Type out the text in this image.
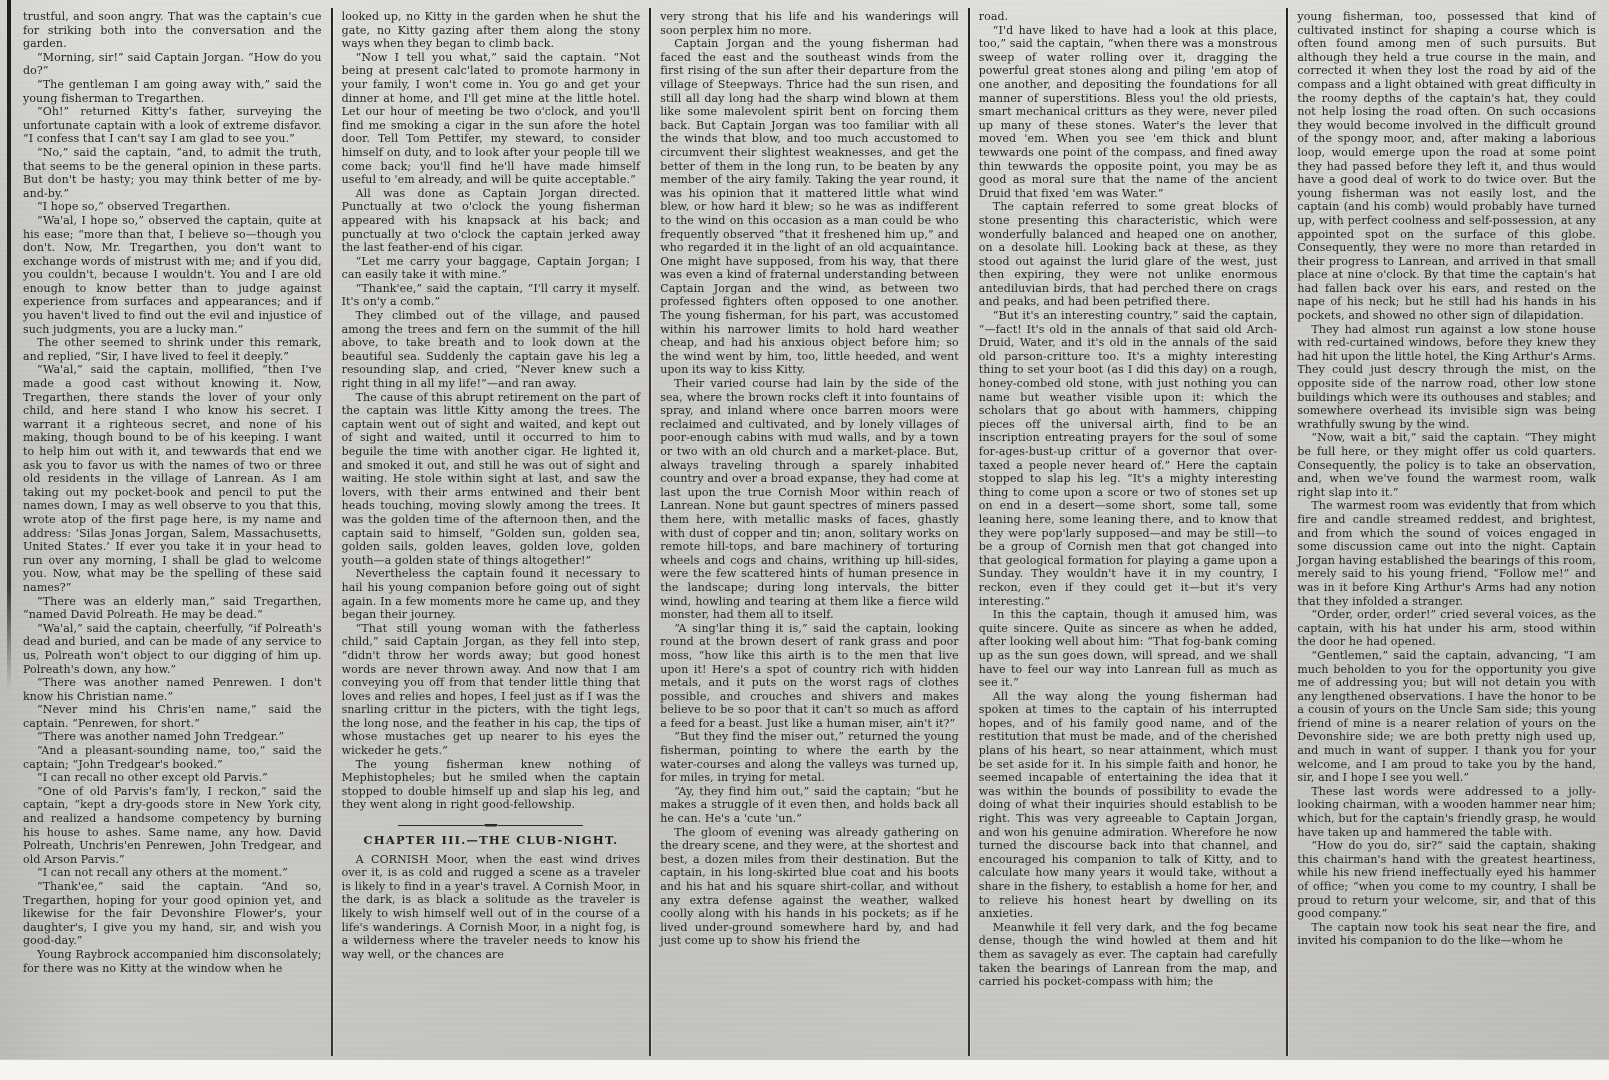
trustful, and soon angry. That was the captain's cue for striking both into the conversation and the garden.

“Morning, sir!” said Captain Jorgan. “How do you do?”

“The gentleman I am going away with,” said the young fisherman to Tregarthen.

“Oh!” returned Kitty's father, surveying the unfortunate captain with a look of extreme disfavor. “I confess that I can't say I am glad to see you.”

“No,” said the captain, “and, to admit the truth, that seems to be the general opinion in these parts. But don't be hasty; you may think better of me by-and-by.”

“I hope so,” observed Tregarthen.

“Wa'al, I hope so,” observed the captain, quite at his ease; “more than that, I believe so—though you don't. Now, Mr. Tregarthen, you don't want to exchange words of mistrust with me; and if you did, you couldn't, because I wouldn't. You and I are old enough to know better than to judge against experience from surfaces and appearances; and if you haven't lived to find out the evil and injustice of such judgments, you are a lucky man.”

The other seemed to shrink under this remark, and replied, “Sir, I have lived to feel it deeply.”

“Wa'al,” said the captain, mollified, “then I've made a good cast without knowing it. Now, Tregarthen, there stands the lover of your only child, and here stand I who know his secret. I warrant it a righteous secret, and none of his making, though bound to be of his keeping. I want to help him out with it, and tewwards that end we ask you to favor us with the names of two or three old residents in the village of Lanrean. As I am taking out my pocket-book and pencil to put the names down, I may as well observe to you that this, wrote atop of the first page here, is my name and address: ‘Silas Jonas Jorgan, Salem, Massachusetts, United States.’ If ever you take it in your head to run over any morning, I shall be glad to welcome you. Now, what may be the spelling of these said names?”

“There was an elderly man,” said Tregarthen, “named David Polreath. He may be dead.”

“Wa'al,” said the captain, cheerfully, “if Polreath's dead and buried, and can be made of any service to us, Polreath won't object to our digging of him up. Polreath's down, any how.”

“There was another named Penrewen. I don't know his Christian name.”

“Never mind his Chris'en name,” said the captain. “Penrewen, for short.”

“There was another named John Tredgear.”

“And a pleasant-sounding name, too,” said the captain; “John Tredgear's booked.”

“I can recall no other except old Parvis.”

“One of old Parvis's fam'ly, I reckon,” said the captain, “kept a dry-goods store in New York city, and realized a handsome competency by burning his house to ashes. Same name, any how. David Polreath, Unchris'en Penrewen, John Tredgear, and old Arson Parvis.”

“I can not recall any others at the moment.”

“Thank'ee,” said the captain. “And so, Tregarthen, hoping for your good opinion yet, and likewise for the fair Devonshire Flower's, your daughter's, I give you my hand, sir, and wish you good-day.”

Young Raybrock accompanied him disconsolately; for there was no Kitty at the window when he

looked up, no Kitty in the garden when he shut the gate, no Kitty gazing after them along the stony ways when they began to climb back.

“Now I tell you what,” said the captain. “Not being at present calc'lated to promote harmony in your family, I won't come in. You go and get your dinner at home, and I'll get mine at the little hotel. Let our hour of meeting be two o'clock, and you'll find me smoking a cigar in the sun afore the hotel door. Tell Tom Pettifer, my steward, to consider himself on duty, and to look after your people till we come back; you'll find he'll have made himself useful to 'em already, and will be quite acceptable.”

All was done as Captain Jorgan directed. Punctually at two o'clock the young fisherman appeared with his knapsack at his back; and punctually at two o'clock the captain jerked away the last feather-end of his cigar.

“Let me carry your baggage, Captain Jorgan; I can easily take it with mine.”

“Thank'ee,” said the captain, “I'll carry it myself. It's on'y a comb.”

They climbed out of the village, and paused among the trees and fern on the summit of the hill above, to take breath and to look down at the beautiful sea. Suddenly the captain gave his leg a resounding slap, and cried, “Never knew such a right thing in all my life!”—and ran away.

The cause of this abrupt retirement on the part of the captain was little Kitty among the trees. The captain went out of sight and waited, and kept out of sight and waited, until it occurred to him to beguile the time with another cigar. He lighted it, and smoked it out, and still he was out of sight and waiting. He stole within sight at last, and saw the lovers, with their arms entwined and their bent heads touching, moving slowly among the trees. It was the golden time of the afternoon then, and the captain said to himself, “Golden sun, golden sea, golden sails, golden leaves, golden love, golden youth—a golden state of things altogether!”

Nevertheless the captain found it necessary to hail his young companion before going out of sight again. In a few moments more he came up, and they began their journey.

“That still young woman with the fatherless child,” said Captain Jorgan, as they fell into step, “didn't throw her words away; but good honest words are never thrown away. And now that I am conveying you off from that tender little thing that loves and relies and hopes, I feel just as if I was the snarling crittur in the picters, with the tight legs, the long nose, and the feather in his cap, the tips of whose mustaches get up nearer to his eyes the wickeder he gets.”

The young fisherman knew nothing of Mephistopheles; but he smiled when the captain stopped to double himself up and slap his leg, and they went along in right good-fellowship.

CHAPTER III.—THE CLUB-NIGHT.

A CORNISH Moor, when the east wind drives over it, is as cold and rugged a scene as a traveler is likely to find in a year's travel. A Cornish Moor, in the dark, is as black a solitude as the traveler is likely to wish himself well out of in the course of a life's wanderings. A Cornish Moor, in a night fog, is a wilderness where the traveler needs to know his way well, or the chances are

very strong that his life and his wanderings will soon perplex him no more.

Captain Jorgan and the young fisherman had faced the east and the southeast winds from the first rising of the sun after their departure from the village of Steepways. Thrice had the sun risen, and still all day long had the sharp wind blown at them like some malevolent spirit bent on forcing them back. But Captain Jorgan was too familiar with all the winds that blow, and too much accustomed to circumvent their slightest weaknesses, and get the better of them in the long run, to be beaten by any member of the airy family. Taking the year round, it was his opinion that it mattered little what wind blew, or how hard it blew; so he was as indifferent to the wind on this occasion as a man could be who frequently observed “that it freshened him up,” and who regarded it in the light of an old acquaintance. One might have supposed, from his way, that there was even a kind of fraternal understanding between Captain Jorgan and the wind, as between two professed fighters often opposed to one another. The young fisherman, for his part, was accustomed within his narrower limits to hold hard weather cheap, and had his anxious object before him; so the wind went by him, too, little heeded, and went upon its way to kiss Kitty.

Their varied course had lain by the side of the sea, where the brown rocks cleft it into fountains of spray, and inland where once barren moors were reclaimed and cultivated, and by lonely villages of poor-enough cabins with mud walls, and by a town or two with an old church and a market-place. But, always traveling through a sparely inhabited country and over a broad expanse, they had come at last upon the true Cornish Moor within reach of Lanrean. None but gaunt spectres of miners passed them here, with metallic masks of faces, ghastly with dust of copper and tin; anon, solitary works on remote hill-tops, and bare machinery of torturing wheels and cogs and chains, writhing up hill-sides, were the few scattered hints of human presence in the landscape; during long intervals, the bitter wind, howling and tearing at them like a fierce wild monster, had them all to itself.

“A sing'lar thing it is,” said the captain, looking round at the brown desert of rank grass and poor moss, “how like this airth is to the men that live upon it! Here's a spot of country rich with hidden metals, and it puts on the worst rags of clothes possible, and crouches and shivers and makes believe to be so poor that it can't so much as afford a feed for a beast. Just like a human miser, ain't it?”

“But they find the miser out,” returned the young fisherman, pointing to where the earth by the water-courses and along the valleys was turned up, for miles, in trying for metal.

“Ay, they find him out,” said the captain; “but he makes a struggle of it even then, and holds back all he can. He's a 'cute 'un.”

The gloom of evening was already gathering on the dreary scene, and they were, at the shortest and best, a dozen miles from their destination. But the captain, in his long-skirted blue coat and his boots and his hat and his square shirt-collar, and without any extra defense against the weather, walked coolly along with his hands in his pockets; as if he lived under-ground somewhere hard by, and had just come up to show his friend the

road.

“I'd have liked to have had a look at this place, too,” said the captain, “when there was a monstrous sweep of water rolling over it, dragging the powerful great stones along and piling 'em atop of one another, and depositing the foundations for all manner of superstitions. Bless you! the old priests, smart mechanical critturs as they were, never piled up many of these stones. Water's the lever that moved 'em. When you see 'em thick and blunt tewwards one point of the compass, and fined away thin tewwards the opposite point, you may be as good as moral sure that the name of the ancient Druid that fixed 'em was Water.”

The captain referred to some great blocks of stone presenting this characteristic, which were wonderfully balanced and heaped one on another, on a desolate hill. Looking back at these, as they stood out against the lurid glare of the west, just then expiring, they were not unlike enormous antediluvian birds, that had perched there on crags and peaks, and had been petrified there.

“But it's an interesting country,” said the captain, “—fact! It's old in the annals of that said old Arch-Druid, Water, and it's old in the annals of the said old parson-critture too. It's a mighty interesting thing to set your boot (as I did this day) on a rough, honey-combed old stone, with just nothing you can name but weather visible upon it: which the scholars that go about with hammers, chipping pieces off the universal airth, find to be an inscription entreating prayers for the soul of some for-ages-bust-up crittur of a governor that over-taxed a people never heard of.” Here the captain stopped to slap his leg. “It's a mighty interesting thing to come upon a score or two of stones set up on end in a desert—some short, some tall, some leaning here, some leaning there, and to know that they were pop'larly supposed—and may be still—to be a group of Cornish men that got changed into that geological formation for playing a game upon a Sunday. They wouldn't have it in my country, I reckon, even if they could get it—but it's very interesting.”

In this the captain, though it amused him, was quite sincere. Quite as sincere as when he added, after looking well about him: “That fog-bank coming up as the sun goes down, will spread, and we shall have to feel our way into Lanrean full as much as see it.”

All the way along the young fisherman had spoken at times to the captain of his interrupted hopes, and of his family good name, and of the restitution that must be made, and of the cherished plans of his heart, so near attainment, which must be set aside for it. In his simple faith and honor, he seemed incapable of entertaining the idea that it was within the bounds of possibility to evade the doing of what their inquiries should establish to be right. This was very agreeable to Captain Jorgan, and won his genuine admiration. Wherefore he now turned the discourse back into that channel, and encouraged his companion to talk of Kitty, and to calculate how many years it would take, without a share in the fishery, to establish a home for her, and to relieve his honest heart by dwelling on its anxieties.

Meanwhile it fell very dark, and the fog became dense, though the wind howled at them and hit them as savagely as ever. The captain had carefully taken the bearings of Lanrean from the map, and carried his pocket-compass with him; the

young fisherman, too, possessed that kind of cultivated instinct for shaping a course which is often found among men of such pursuits. But although they held a true course in the main, and corrected it when they lost the road by aid of the compass and a light obtained with great difficulty in the roomy depths of the captain's hat, they could not help losing the road often. On such occasions they would become involved in the difficult ground of the spongy moor, and, after making a laborious loop, would emerge upon the road at some point they had passed before they left it, and thus would have a good deal of work to do twice over. But the young fisherman was not easily lost, and the captain (and his comb) would probably have turned up, with perfect coolness and self-possession, at any appointed spot on the surface of this globe. Consequently, they were no more than retarded in their progress to Lanrean, and arrived in that small place at nine o'clock. By that time the captain's hat had fallen back over his ears, and rested on the nape of his neck; but he still had his hands in his pockets, and showed no other sign of dilapidation.

They had almost run against a low stone house with red-curtained windows, before they knew they had hit upon the little hotel, the King Arthur's Arms. They could just descry through the mist, on the opposite side of the narrow road, other low stone buildings which were its outhouses and stables; and somewhere overhead its invisible sign was being wrathfully swung by the wind.

“Now, wait a bit,” said the captain. “They might be full here, or they might offer us cold quarters. Consequently, the policy is to take an observation, and, when we've found the warmest room, walk right slap into it.”

The warmest room was evidently that from which fire and candle streamed reddest, and brightest, and from which the sound of voices engaged in some discussion came out into the night. Captain Jorgan having established the bearings of this room, merely said to his young friend, “Follow me!” and was in it before King Arthur's Arms had any notion that they infolded a stranger.

“Order, order, order!” cried several voices, as the captain, with his hat under his arm, stood within the door he had opened.

“Gentlemen,” said the captain, advancing, “I am much beholden to you for the opportunity you give me of addressing you; but will not detain you with any lengthened observations. I have the honor to be a cousin of yours on the Uncle Sam side; this young friend of mine is a nearer relation of yours on the Devonshire side; we are both pretty nigh used up, and much in want of supper. I thank you for your welcome, and I am proud to take you by the hand, sir, and I hope I see you well.”

These last words were addressed to a jolly-looking chairman, with a wooden hammer near him; which, but for the captain's friendly grasp, he would have taken up and hammered the table with.

“How do you do, sir?” said the captain, shaking this chairman's hand with the greatest heartiness, while his new friend ineffectually eyed his hammer of office; “when you come to my country, I shall be proud to return your welcome, sir, and that of this good company.”

The captain now took his seat near the fire, and invited his companion to do the like—whom he
